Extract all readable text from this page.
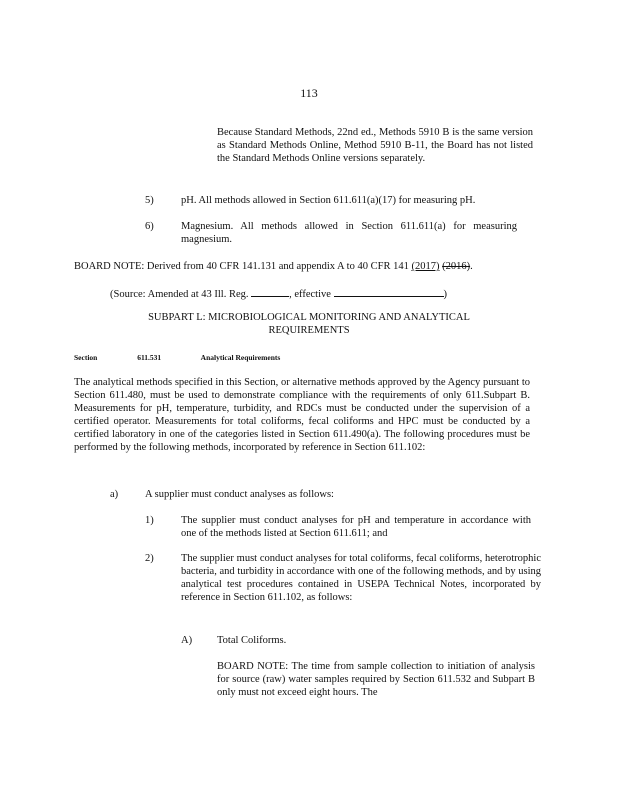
113
Because Standard Methods, 22nd ed., Methods 5910 B is the same version as Standard Methods Online, Method 5910 B-11, the Board has not listed the Standard Methods Online versions separately.
5)	pH. All methods allowed in Section 611.611(a)(17) for measuring pH.
6)	Magnesium. All methods allowed in Section 611.611(a) for measuring magnesium.
BOARD NOTE: Derived from 40 CFR 141.131 and appendix A to 40 CFR 141 (2017) (2016).
(Source: Amended at 43 Ill. Reg.	, effective	)
SUBPART L: MICROBIOLOGICAL MONITORING AND ANALYTICAL
REQUIREMENTS
Section	611.531	Analytical Requirements
The analytical methods specified in this Section, or alternative methods approved by the Agency pursuant to Section 611.480, must be used to demonstrate compliance with the requirements of only 611.Subpart B. Measurements for pH, temperature, turbidity, and RDCs must be conducted under the supervision of a certified operator. Measurements for total coliforms, fecal coliforms and HPC must be conducted by a certified laboratory in one of the categories listed in Section 611.490(a). The following procedures must be performed by the following methods, incorporated by reference in Section 611.102:
a)	A supplier must conduct analyses as follows:
1)	The supplier must conduct analyses for pH and temperature in accordance with one of the methods listed at Section 611.611; and
2)	The supplier must conduct analyses for total coliforms, fecal coliforms, heterotrophic bacteria, and turbidity in accordance with one of the following methods, and by using analytical test procedures contained in USEPA Technical Notes, incorporated by reference in Section 611.102, as follows:
A) Total Coliforms.
BOARD NOTE: The time from sample collection to initiation of analysis for source (raw) water samples required by Section 611.532 and Subpart B only must not exceed eight hours. The
